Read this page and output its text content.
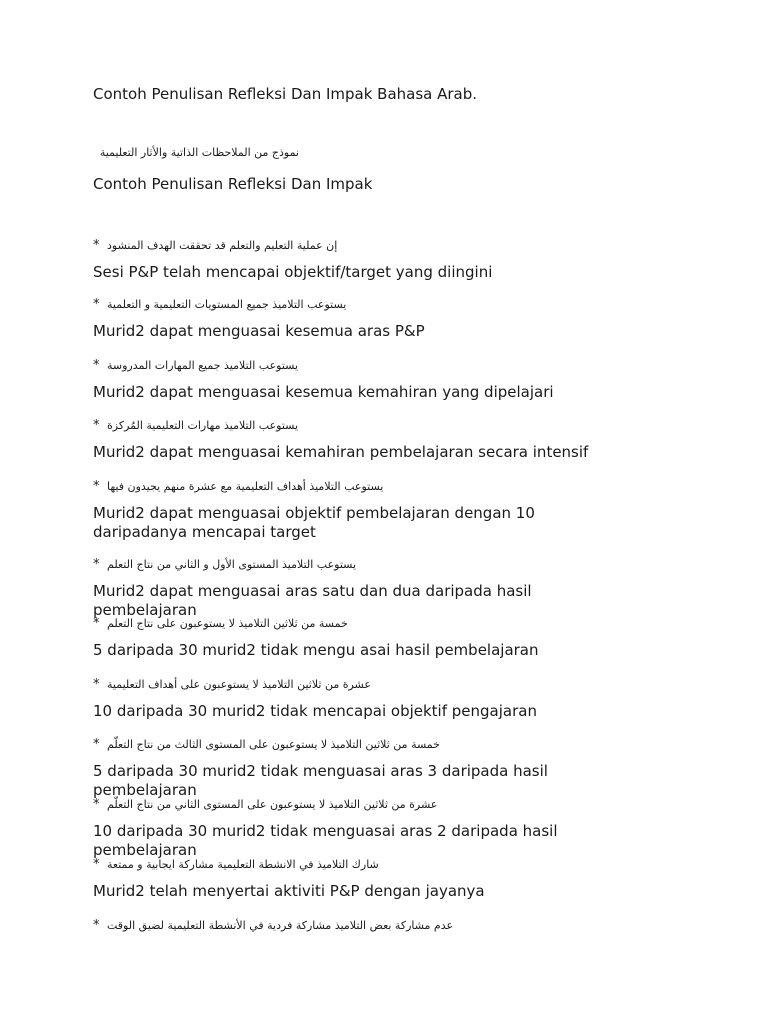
Contoh Penulisan Refleksi Dan Impak Bahasa Arab.
نموذج من الملاحظات الذاتية والأثار التعليمية
Contoh Penulisan Refleksi Dan Impak
* إن عملية التعليم والتعلم قد تحققت الهدف المنشود
Sesi P&P telah mencapai objektif/target yang diingini
* يستوعب التلاميذ جميع المستويات التعليمية و التعلمية
Murid2 dapat menguasai kesemua aras P&P
* يستوعب التلاميذ جميع المهارات المدروسة
Murid2 dapat menguasai kesemua kemahiran yang dipelajari
* يستوعب التلاميذ مهارات التعليمية المُركزة
Murid2 dapat menguasai kemahiran pembelajaran secara intensif
* يستوعب التلاميذ أهداف التعليمية مع عشرة منهم يجيدون فيها
Murid2 dapat menguasai objektif pembelajaran dengan 10 daripadanya mencapai target
* يستوعب التلاميذ المستوى الأول و الثاني من نتاج التعلم
Murid2 dapat menguasai aras satu dan dua daripada hasil pembelajaran
* خمسة من ثلاثين التلاميذ لا يستوعبون على نتاج التعلم
5 daripada 30 murid2 tidak mengu asai hasil pembelajaran
* عشرة من ثلاثين التلاميذ لا يستوعبون على أهداف التعليمية
10 daripada 30 murid2 tidak mencapai objektif pengajaran
* خمسة من ثلاثين التلاميذ لا يستوعبون على المستوى الثالث من نتاج التعلّم
5 daripada 30 murid2 tidak menguasai aras 3 daripada hasil pembelajaran
* عشرة من ثلاثين التلاميذ لا يستوعبون على المستوى الثاني من نتاج التعلّم
10 daripada 30 murid2 tidak menguasai aras 2 daripada hasil pembelajaran
* شارك التلاميذ في الانشطة التعليمية مشاركة ايجابية و ممتعة
Murid2 telah menyertai aktiviti P&P dengan jayanya
* عدم مشاركة بعض التلاميذ مشاركة فردية في الأنشطة التعليمية لضيق الوقت
